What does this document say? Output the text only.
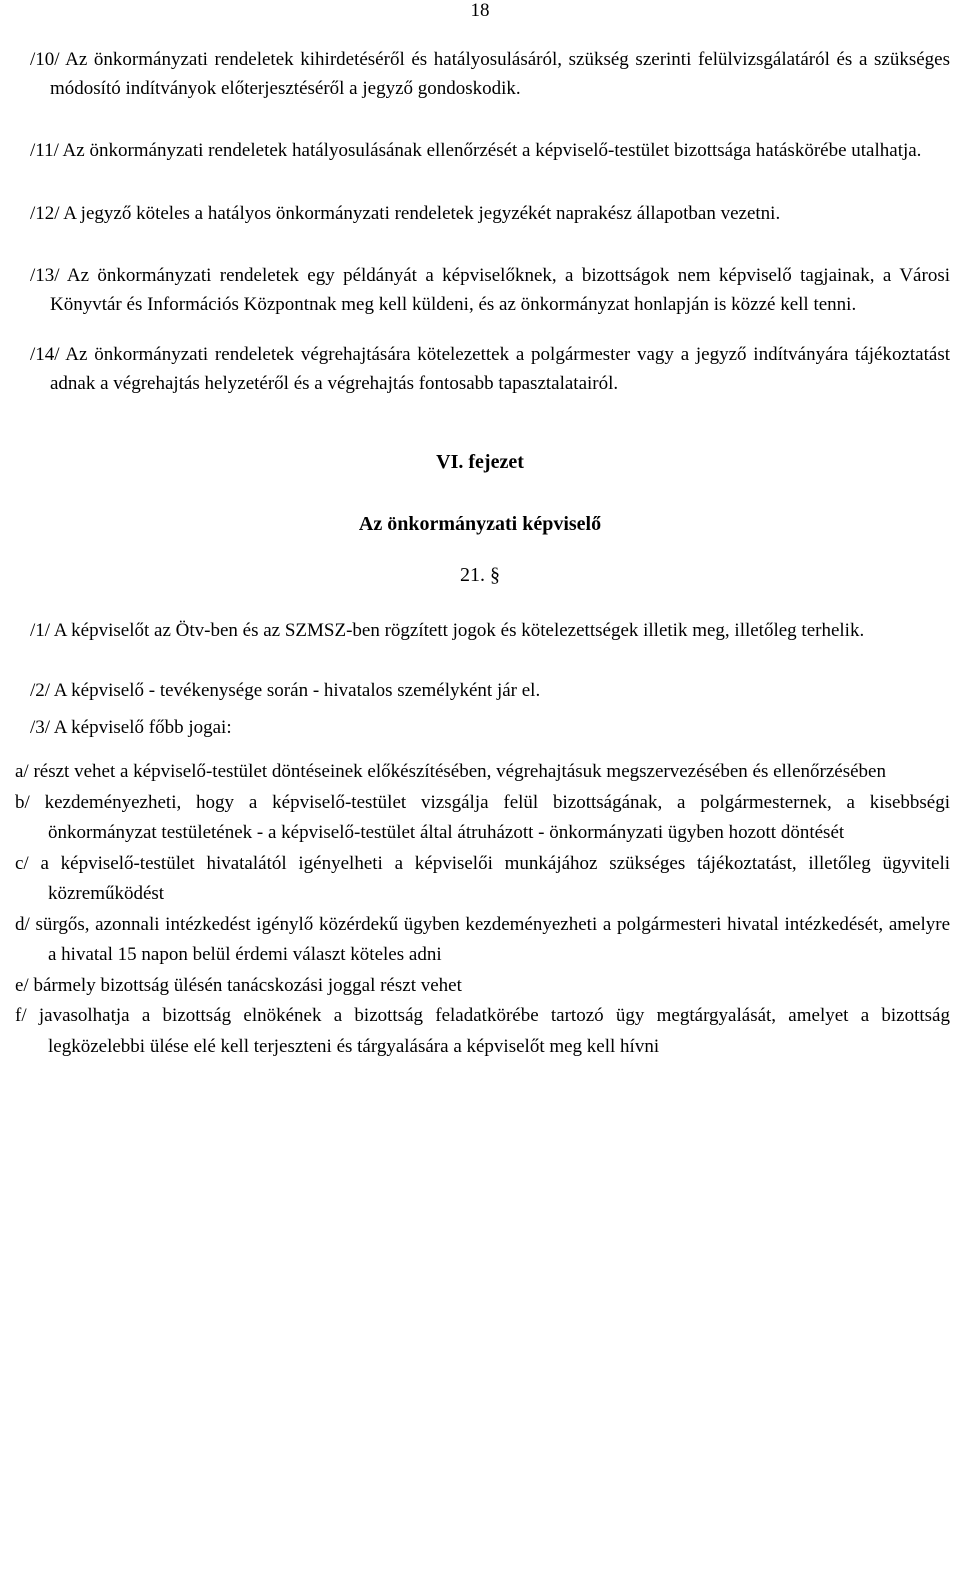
18
/10/ Az önkormányzati rendeletek kihirdetéséről és hatályosulásáról, szükség szerinti felülvizsgálatáról és a szükséges módosító indítványok előterjesztéséről a jegyző gondoskodik.
/11/ Az önkormányzati rendeletek hatályosulásának ellenőrzését a képviselő-testület bizottsága hatáskörébe utalhatja.
/12/ A jegyző köteles a hatályos önkormányzati rendeletek jegyzékét naprakész állapotban vezetni.
/13/ Az önkormányzati rendeletek egy példányát a képviselőknek, a bizottságok nem képviselő tagjainak, a Városi Könyvtár és Információs Központnak meg kell küldeni, és az önkormányzat honlapján is közzé kell tenni.
/14/ Az önkormányzati rendeletek végrehajtására kötelezettek a polgármester vagy a jegyző indítványára tájékoztatást adnak a végrehajtás helyzetéről és a végrehajtás fontosabb tapasztalatairól.
VI. fejezet
Az önkormányzati képviselő
21. §
/1/ A képviselőt az Ötv-ben és az SZMSZ-ben rögzített jogok és kötelezettségek illetik meg, illetőleg terhelik.
/2/ A képviselő - tevékenysége során - hivatalos személyként jár el.
/3/ A képviselő főbb jogai:
a/ részt vehet a képviselő-testület döntéseinek előkészítésében, végrehajtásuk megszervezésében és ellenőrzésében
b/ kezdeményezheti, hogy a képviselő-testület vizsgálja felül bizottságának, a polgármesternek, a kisebbségi önkormányzat testületének - a képviselő-testület által átruházott - önkormányzati ügyben hozott döntését
c/ a képviselő-testület hivatalától igényelheti a képviselői munkájához szükséges tájékoztatást, illetőleg ügyviteli közreműködést
d/ sürgős, azonnali intézkedést igénylő közérdekű ügyben kezdeményezheti a polgármesteri hivatal intézkedését, amelyre a hivatal 15 napon belül érdemi választ köteles adni
e/ bármely bizottság ülésén tanácskozási joggal részt vehet
f/ javasolhatja a bizottság elnökének a bizottság feladatkörébe tartozó ügy megtárgyalását, amelyet a bizottság legközelebbi ülése elé kell terjeszteni és tárgyalására a képviselőt meg kell hívni
